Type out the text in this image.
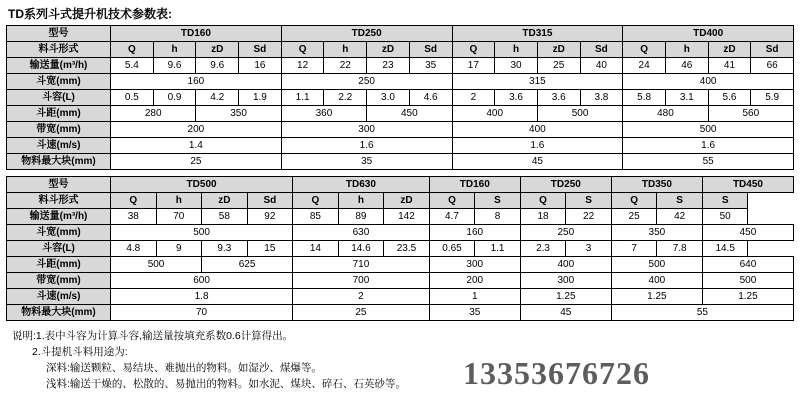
TD系列斗式提升机技术参数表:
型号	TD160				TD250				TD315				TD400			
料斗形式	Q	h	zD	Sd	Q	h	zD	Sd	Q	h	zD	Sd	Q	h	zD	Sd
输送量(m³/h)	5.4	9.6	9.6	16	12	22	23	35	17	30	25	40	24	46	41	66
斗宽(mm)	160				250				315				400			
斗容(L)	0.5	0.9	4.2	1.9	1.1	2.2	3.0	4.6	2	3.6	3.6	3.8	5.8	3.1	5.6	5.9
斗距(mm)	280		350		360		450		400		500		480		560	
带宽(mm)	200				300				400				500			
斗速(m/s)	1.4				1.6				1.6				1.6			
物料最大块(mm)	25				35				45				55			
型号	TD500				TD630			TD160		TD250		TD350		TD450
料斗形式	Q	h	zD	Sd	Q	h	zD	Q	S	Q	S	Q	S	S
输送量(m³/h)	38	70	58	92	85	89	142	4.7	8	18	22	25	42	50
斗宽(mm)	500				630			160		250		350		450
斗容(L)	4.8	9	9.3	15	14	14.6	23.5	0.65	1.1	2.3	3	7	7.8	14.5
斗距(mm)	500		625		710			300		400		500		640
带宽(mm)	600				700			200		300		400		500
斗速(m/s)	1.8				2			1		1.25		1.25		1.25
物料最大块(mm)	70				25			35		45		55		
说明:1.表中斗容为计算斗容,输送量按填充系数0.6计算得出。
2.斗提机斗料用途为:
深料:输送颗粒、易结块、难抛出的物料。如湿沙、煤爆等。
浅料:输送干燥的、松散的、易抛出的物料。如水泥、煤块、碎石、石英砂等。	13353676726
